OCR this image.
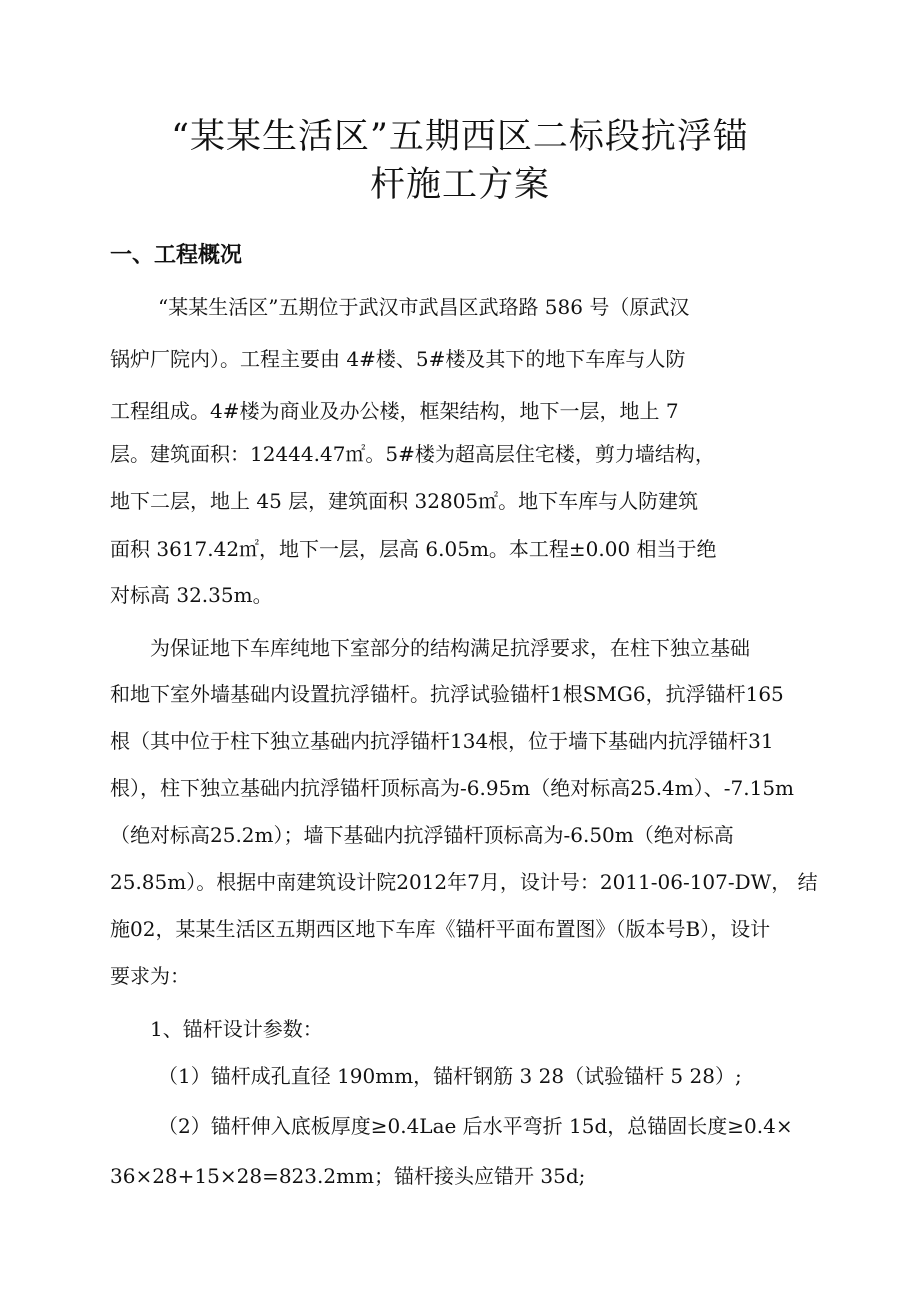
“某某生活区”五期西区二标段抗浮锚
杆施工方案
一、工程概况
“某某生活区”五期位于武汉市武昌区武珞路 586 号（原武汉
锅炉厂院内）。工程主要由 4#楼、5#楼及其下的地下车库与人防
工程组成。4#楼为商业及办公楼，框架结构，地下一层，地上 7
层。建筑面积：12444.47㎡。5#楼为超高层住宅楼，剪力墙结构，
地下二层，地上 45 层，建筑面积 32805㎡。地下车库与人防建筑
面积 3617.42㎡，地下一层，层高 6.05m。本工程±0.00 相当于绝
对标高 32.35m。
为保证地下车库纯地下室部分的结构满足抗浮要求，在柱下独立基础
和地下室外墙基础内设置抗浮锚杆。抗浮试验锚杆1根SMG6，抗浮锚杆165
根（其中位于柱下独立基础内抗浮锚杆134根，位于墙下基础内抗浮锚杆31
根），柱下独立基础内抗浮锚杆顶标高为-6.95m（绝对标高25.4m）、-7.15m
（绝对标高25.2m）；墙下基础内抗浮锚杆顶标高为-6.50m（绝对标高
25.85m）。根据中南建筑设计院2012年7月，设计号：2011-06-107-DW， 结
施02，某某生活区五期西区地下车库《锚杆平面布置图》（版本号B），设计
要求为：
1、锚杆设计参数：
（1）锚杆成孔直径 190mm，锚杆钢筋 3 28（试验锚杆 5 28）;
（2）锚杆伸入底板厚度≥0.4Lae 后水平弯折 15d，总锚固长度≥0.4×
36×28+15×28=823.2mm；锚杆接头应错开 35d;
